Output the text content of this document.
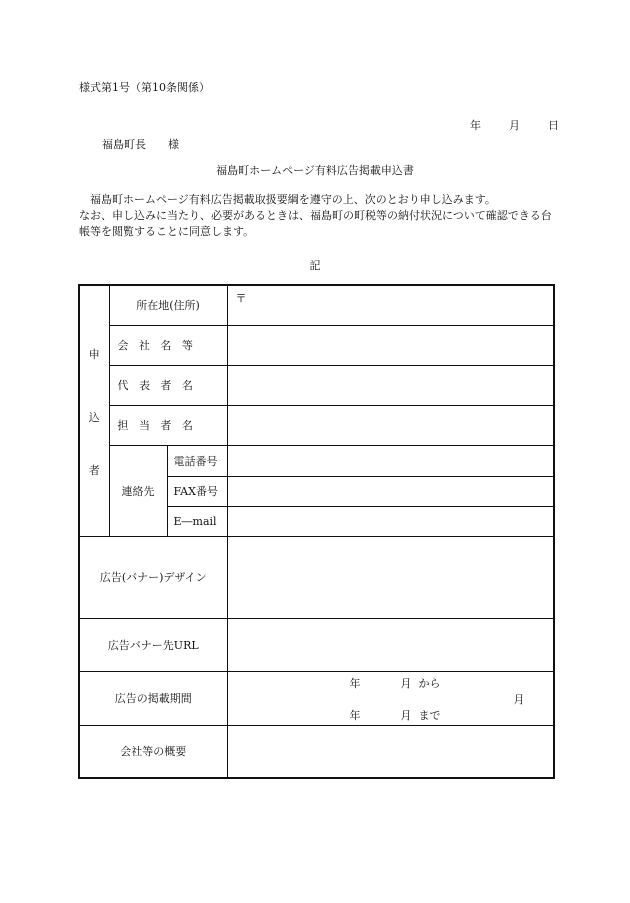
様式第1号（第10条関係）
年	月	日
福島町長　　様
福島町ホームページ有料広告掲載申込書
福島町ホームページ有料広告掲載取扱要綱を遵守の上、次のとおり申し込みます。
なお、申し込みに当たり、必要があるときは、福島町の町税等の納付状況について確認できる台帳等を閲覧することに同意します。
記
申
込
者	所在地(住所)		〒
	会社名等		
	代表者名		
	担当者名		
	連絡先	電話番号	
		FAX番号	
		E―mail	
広告(バナー)デザイン			
広告バナー先URL			
広告の掲載期間			年 月 から
月
年 月 まで

会社等の概要			
